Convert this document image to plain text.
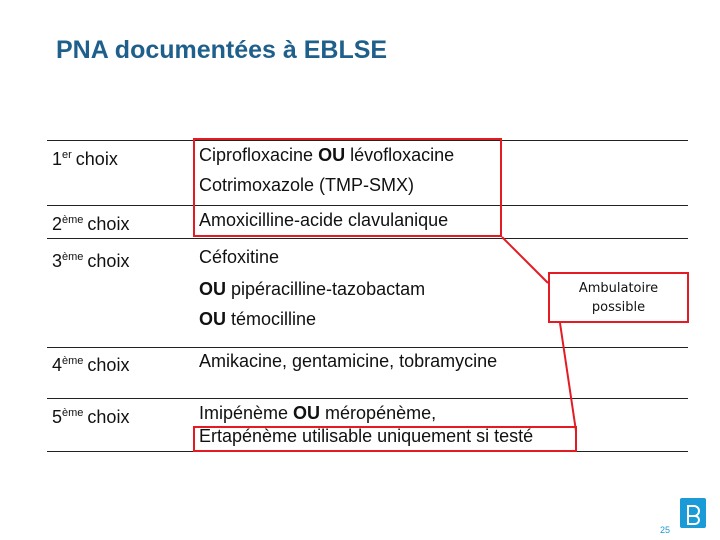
PNA documentées à EBLSE
1er choix	Ciprofloxacine OU lévofloxacine
Cotrimoxazole (TMP-SMX)
2ème choix	Amoxicilline-acide clavulanique
3ème choix	Céfoxitine
OU pipéracilline-tazobactam
OU témocilline
4ème choix	Amikacine, gentamicine, tobramycine
5ème choix	Imipénème OU méropénème,
Ertapénème utilisable uniquement si testé
Ambulatoire
possible
25
